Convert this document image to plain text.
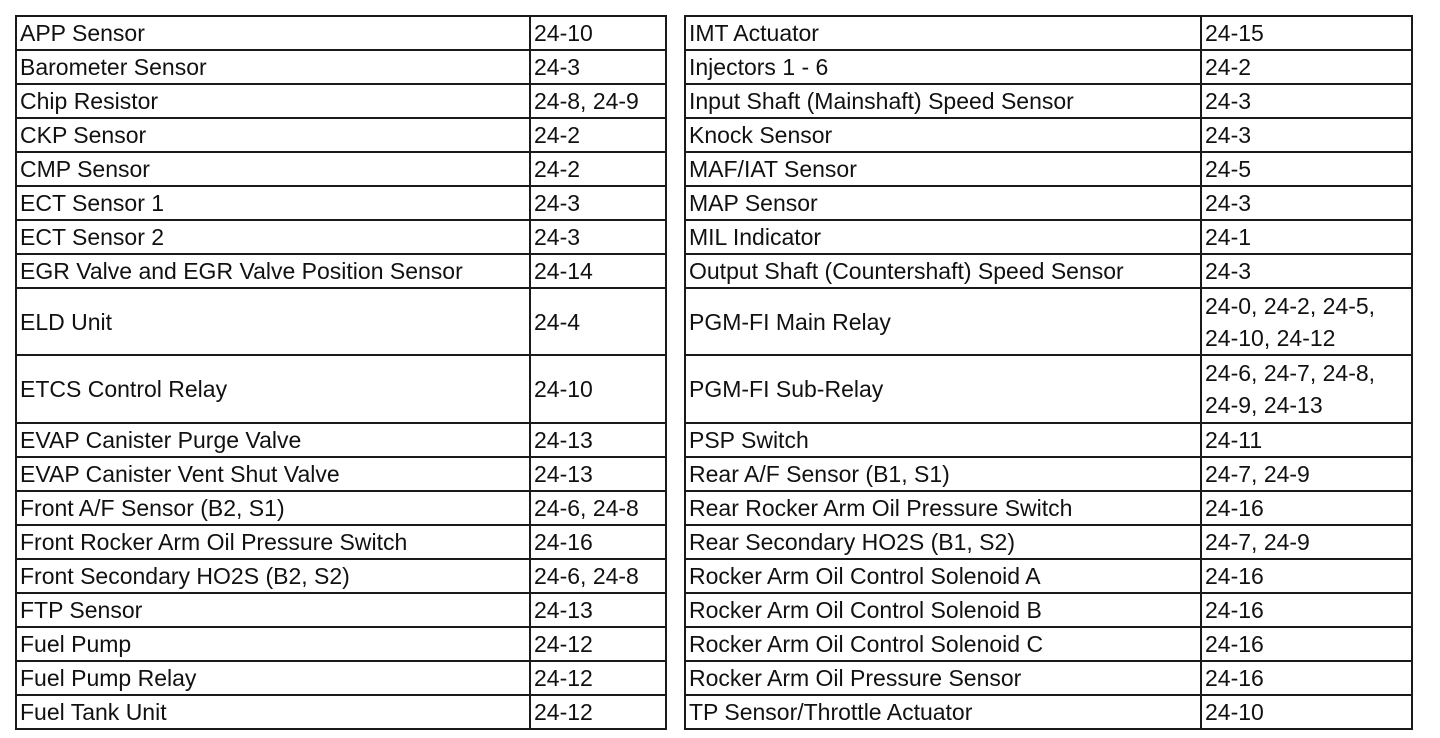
APP Sensor	24-10
Barometer Sensor	24-3
Chip Resistor	24-8, 24-9
CKP Sensor	24-2
CMP Sensor	24-2
ECT Sensor 1	24-3
ECT Sensor 2	24-3
EGR Valve and EGR Valve Position Sensor	24-14
ELD Unit	24-4
ETCS Control Relay	24-10
EVAP Canister Purge Valve	24-13
EVAP Canister Vent Shut Valve	24-13
Front A/F Sensor (B2, S1)	24-6, 24-8
Front Rocker Arm Oil Pressure Switch	24-16
Front Secondary HO2S (B2, S2)	24-6, 24-8
FTP Sensor	24-13
Fuel Pump	24-12
Fuel Pump Relay	24-12
Fuel Tank Unit	24-12
IMT Actuator	24-15
Injectors 1 - 6	24-2
Input Shaft (Mainshaft) Speed Sensor	24-3
Knock Sensor	24-3
MAF/IAT Sensor	24-5
MAP Sensor	24-3
MIL Indicator	24-1
Output Shaft (Countershaft) Speed Sensor	24-3
PGM-FI Main Relay	24-0, 24-2, 24-5, 24-10, 24-12
PGM-FI Sub-Relay	24-6, 24-7, 24-8, 24-9, 24-13
PSP Switch	24-11
Rear A/F Sensor (B1, S1)	24-7, 24-9
Rear Rocker Arm Oil Pressure Switch	24-16
Rear Secondary HO2S (B1, S2)	24-7, 24-9
Rocker Arm Oil Control Solenoid A	24-16
Rocker Arm Oil Control Solenoid B	24-16
Rocker Arm Oil Control Solenoid C	24-16
Rocker Arm Oil Pressure Sensor	24-16
TP Sensor/Throttle Actuator	24-10
